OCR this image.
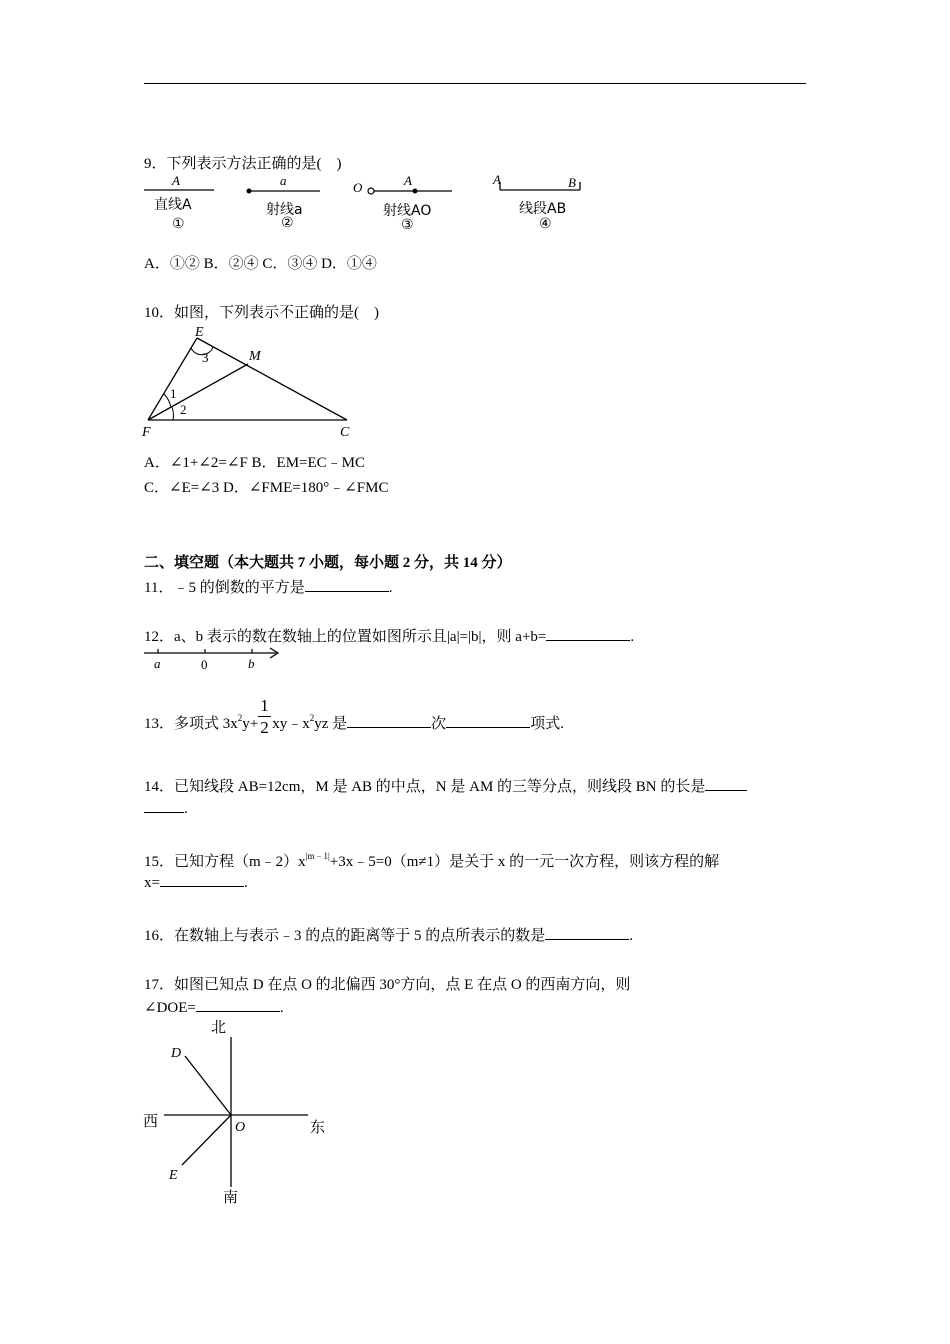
9．下列表示方法正确的是(    )
A	a	O	A	A	B
直线A
①
射线a
②
射线AO
③
线段AB
④
A．①② B．②④ C．③④ D．①④
10．如图，下列表示不正确的是(    )
E
M
F	C
1
2
3
A．∠1+∠2=∠F B．EM=EC﹣MC
C．∠E=∠3 D．∠FME=180°﹣∠FMC
二、填空题（本大题共 7 小题，每小题 2 分，共 14 分）
11．﹣5 的倒数的平方是	.
12．a、b 表示的数在数轴上的位置如图所示且|a|=|b|，则 a+b=	.
a	0	b
13．多项式 $3x^2y+ \frac{1}{2}$ $xy﹣x^2yz$ 是	次	项式.
14．已知线段 AB=12cm，M 是 AB 的中点，N 是 AM 的三等分点，则线段 BN 的长是
.
15．已知方程$(m﹣2)x^{|m﹣1|}+3x﹣5=0(m\ne 1)$是关于 x 的一元一次方程，则该方程的解
x=	.
16．在数轴上与表示﹣3 的点的距离等于 5 的点所表示的数是	.
17．如图已知点 D 在点 O 的北偏西 30°方向，点 E 在点 O 的西南方向，则
∠DOE=	.
北
南
西	东
D
E
O
